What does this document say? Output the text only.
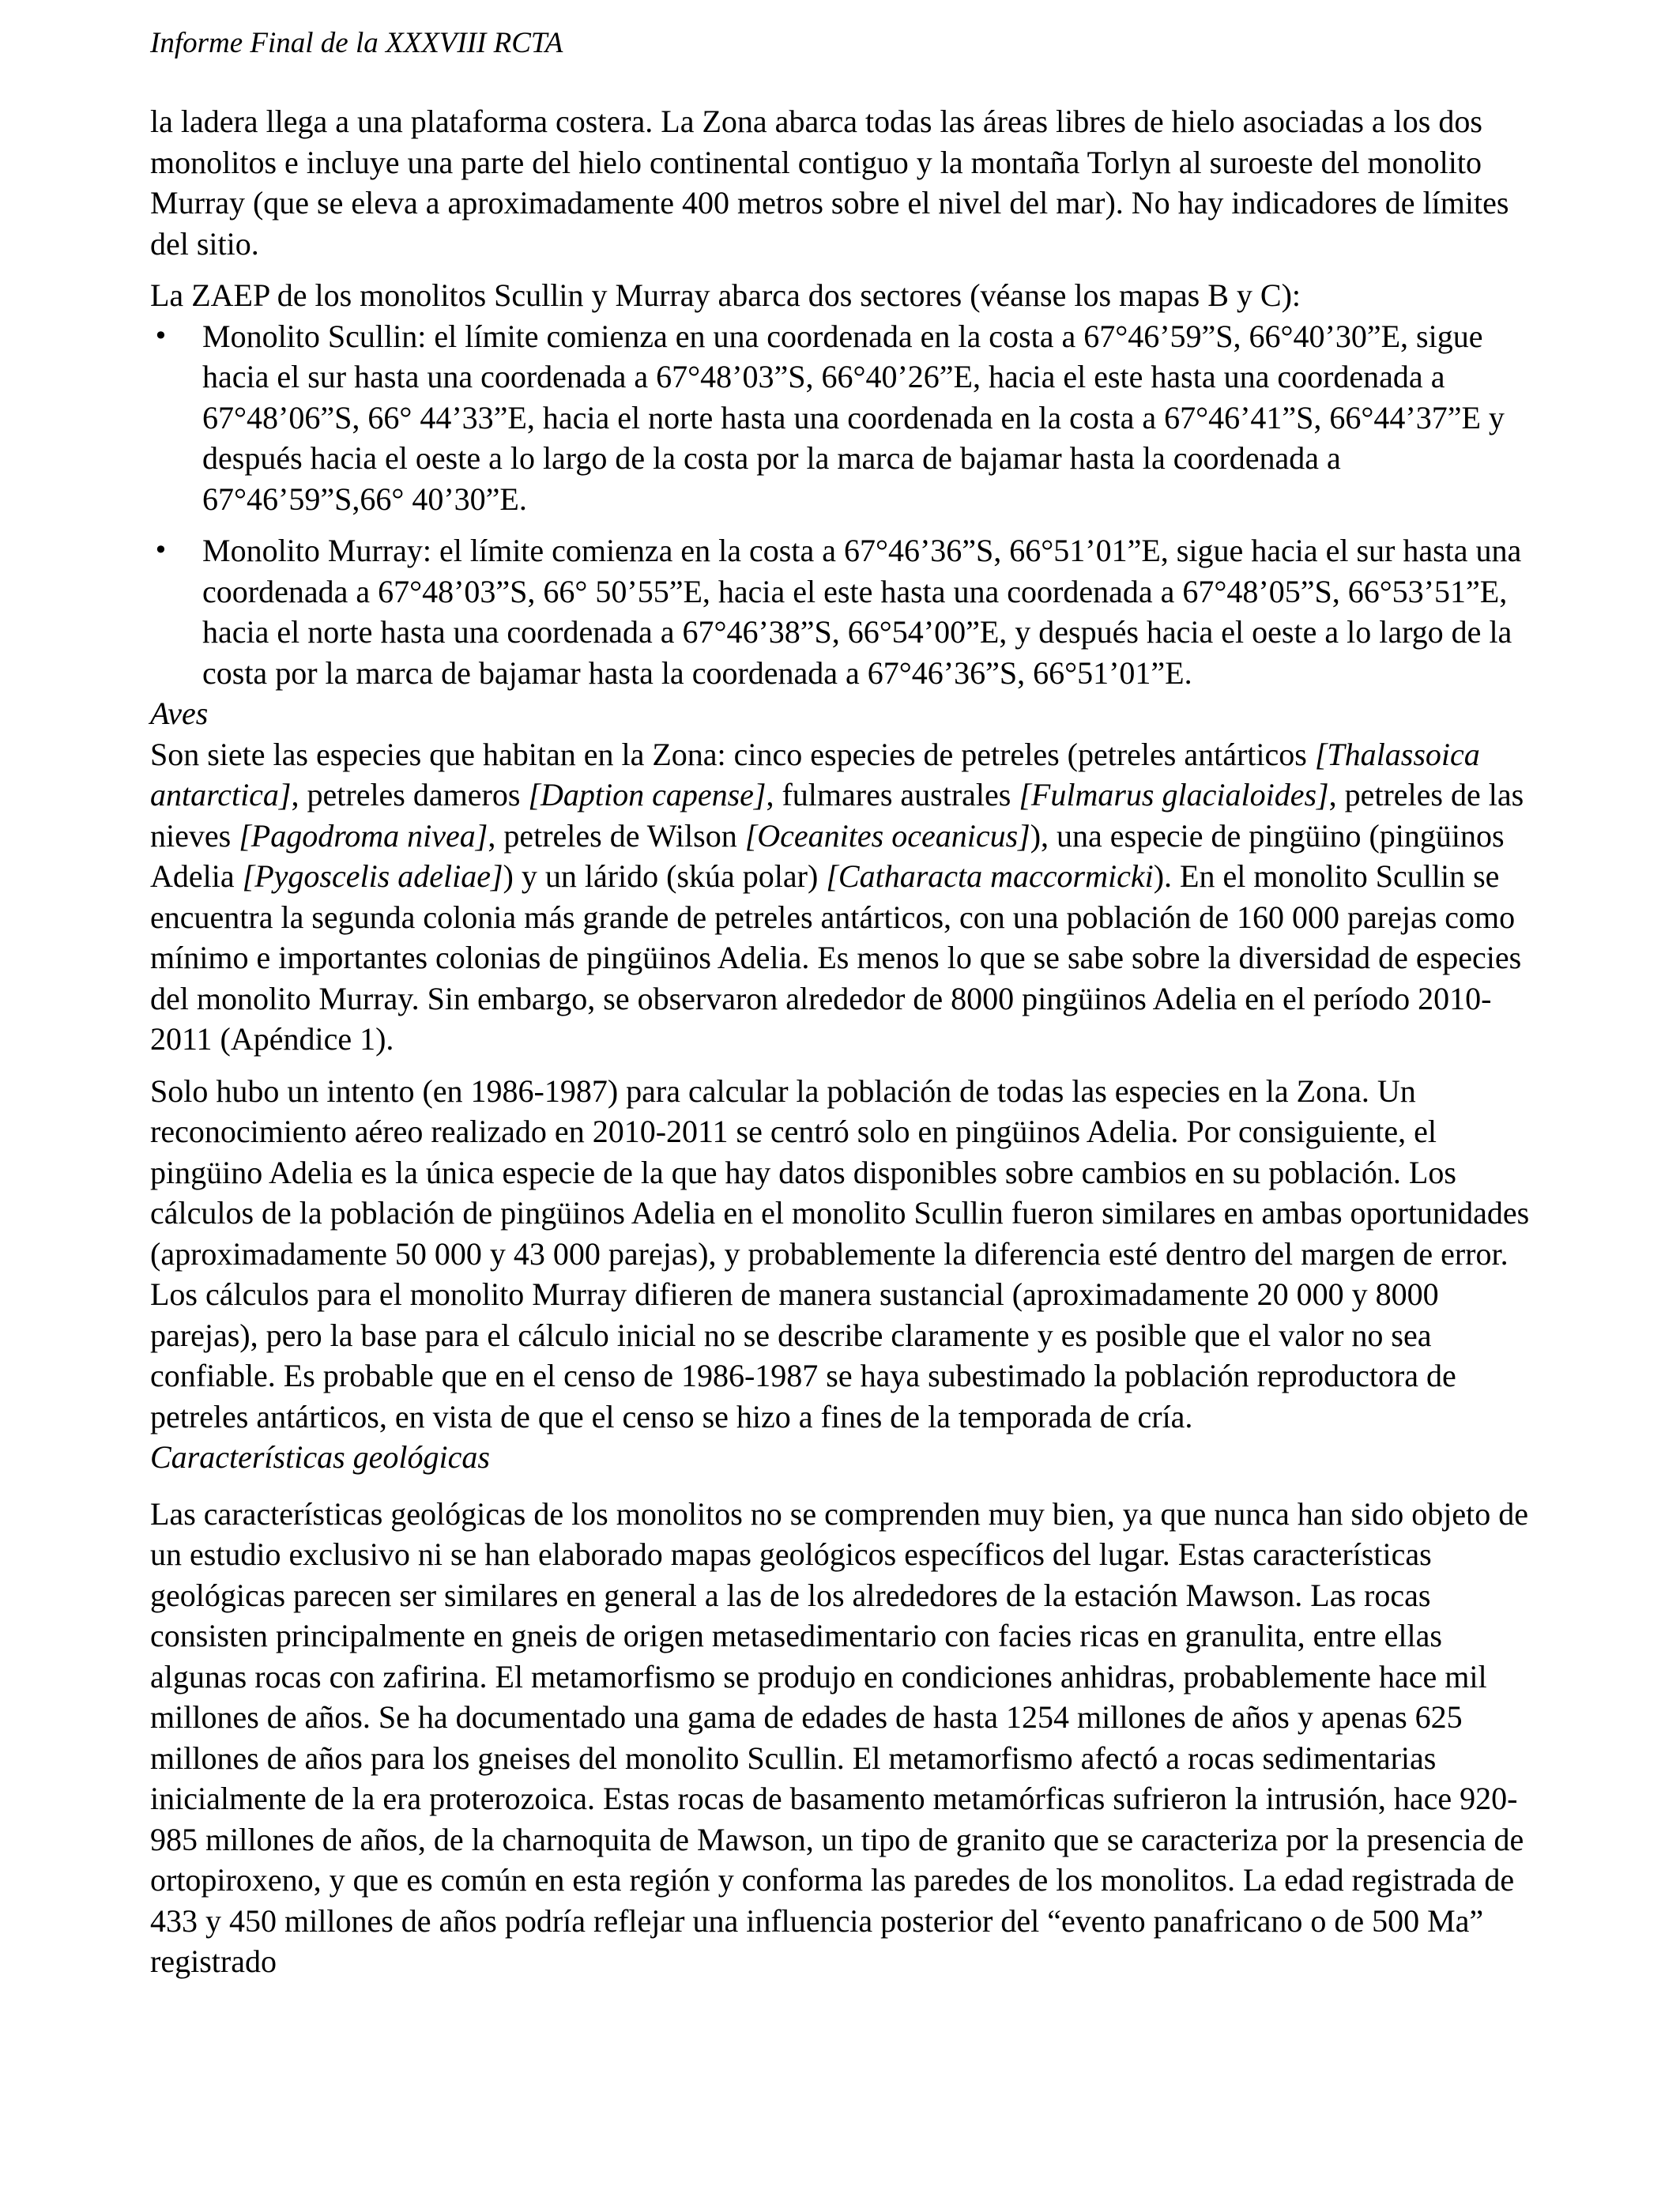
Informe Final de la XXXVIII RCTA

la ladera llega a una plataforma costera. La Zona abarca todas las áreas libres de hielo asociadas a los dos monolitos e incluye una parte del hielo continental contiguo y la montaña Torlyn al suroeste del monolito Murray (que se eleva a aproximadamente 400 metros sobre el nivel del mar). No hay indicadores de límites del sitio.

La ZAEP de los monolitos Scullin y Murray abarca dos sectores (véanse los mapas B y C):

• Monolito Scullin: el límite comienza en una coordenada en la costa a 67°46’59”S, 66°40’30”E, sigue hacia el sur hasta una coordenada a 67°48’03”S, 66°40’26”E, hacia el este hasta una coordenada a 67°48’06”S, 66° 44’33”E, hacia el norte hasta una coordenada en la costa a 67°46’41”S, 66°44’37”E y después hacia el oeste a lo largo de la costa por la marca de bajamar hasta la coordenada a 67°46’59”S,66° 40’30”E.
• Monolito Murray: el límite comienza en la costa a 67°46’36”S, 66°51’01”E, sigue hacia el sur hasta una coordenada a 67°48’03”S, 66° 50’55”E, hacia el este hasta una coordenada a 67°48’05”S, 66°53’51”E, hacia el norte hasta una coordenada a 67°46’38”S, 66°54’00”E, y después hacia el oeste a lo largo de la costa por la marca de bajamar hasta la coordenada a 67°46’36”S, 66°51’01”E.

Aves

Son siete las especies que habitan en la Zona: cinco especies de petreles (petreles antárticos [Thalassoica antarctica], petreles dameros [Daption capense], fulmares australes [Fulmarus glacialoides], petreles de las nieves [Pagodroma nivea], petreles de Wilson [Oceanites oceanicus]), una especie de pingüino (pingüinos Adelia [Pygoscelis adeliae]) y un lárido (skúa polar) [Catharacta maccormicki). En el monolito Scullin se encuentra la segunda colonia más grande de petreles antárticos, con una población de 160 000 parejas como mínimo e importantes colonias de pingüinos Adelia. Es menos lo que se sabe sobre la diversidad de especies del monolito Murray. Sin embargo, se observaron alrededor de 8000 pingüinos Adelia en el período 2010-2011 (Apéndice 1).

Solo hubo un intento (en 1986-1987) para calcular la población de todas las especies en la Zona. Un reconocimiento aéreo realizado en 2010-2011 se centró solo en pingüinos Adelia. Por consiguiente, el pingüino Adelia es la única especie de la que hay datos disponibles sobre cambios en su población. Los cálculos de la población de pingüinos Adelia en el monolito Scullin fueron similares en ambas oportunidades (aproximadamente 50 000 y 43 000 parejas), y probablemente la diferencia esté dentro del margen de error. Los cálculos para el monolito Murray difieren de manera sustancial (aproximadamente 20 000 y 8000 parejas), pero la base para el cálculo inicial no se describe claramente y es posible que el valor no sea confiable. Es probable que en el censo de 1986-1987 se haya subestimado la población reproductora de petreles antárticos, en vista de que el censo se hizo a fines de la temporada de cría.

Características geológicas

Las características geológicas de los monolitos no se comprenden muy bien, ya que nunca han sido objeto de un estudio exclusivo ni se han elaborado mapas geológicos específicos del lugar. Estas características geológicas parecen ser similares en general a las de los alrededores de la estación Mawson. Las rocas consisten principalmente en gneis de origen metasedimentario con facies ricas en granulita, entre ellas algunas rocas con zafirina. El metamorfismo se produjo en condiciones anhidras, probablemente hace mil millones de años. Se ha documentado una gama de edades de hasta 1254 millones de años y apenas 625 millones de años para los gneises del monolito Scullin. El metamorfismo afectó a rocas sedimentarias inicialmente de la era proterozoica. Estas rocas de basamento metamórficas sufrieron la intrusión, hace 920-985 millones de años, de la charnoquita de Mawson, un tipo de granito que se caracteriza por la presencia de ortopiroxeno, y que es común en esta región y conforma las paredes de los monolitos. La edad registrada de 433 y 450 millones de años podría reflejar una influencia posterior del “evento panafricano o de 500 Ma” registrado
